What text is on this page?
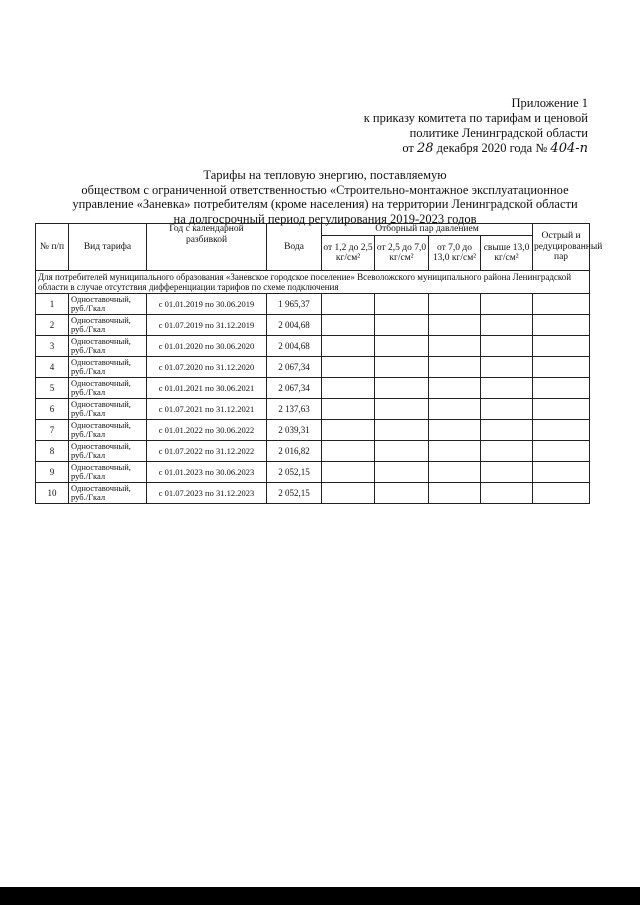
Приложение 1
к приказу комитета по тарифам и ценовой
политике Ленинградской области
от 28 декабря 2020 года № 404-п
Тарифы на тепловую энергию, поставляемую
обществом с ограниченной ответственностью «Строительно-монтажное эксплуатационное
управление «Заневка» потребителям (кроме населения) на территории Ленинградской области
на долгосрочный период регулирования 2019-2023 годов
№ п/п	Вид тарифа	Год с календарной разбивкой	Вода	Отборный пар давлением				Острый и редуцированный пар
				от 1,2 до 2,5 кг/см²	от 2,5 до 7,0 кг/см²	от 7,0 до 13,0 кг/см²	свыше 13,0 кг/см²	
Для потребителей муниципального образования «Заневское городское поселение» Всеволожского муниципального района Ленинградской области в случае отсутствия дифференциации тарифов по схеме подключения								
1	Одноставочный, руб./Гкал	с 01.01.2019 по 30.06.2019	1 965,37					
2	Одноставочный, руб./Гкал	с 01.07.2019 по 31.12.2019	2 004,68					
3	Одноставочный, руб./Гкал	с 01.01.2020 по 30.06.2020	2 004,68					
4	Одноставочный, руб./Гкал	с 01.07.2020 по 31.12.2020	2 067,34					
5	Одноставочный, руб./Гкал	с 01.01.2021 по 30.06.2021	2 067,34					
6	Одноставочный, руб./Гкал	с 01.07.2021 по 31.12.2021	2 137,63					
7	Одноставочный, руб./Гкал	с 01.01.2022 по 30.06.2022	2 039,31					
8	Одноставочный, руб./Гкал	с 01.07.2022 по 31.12.2022	2 016,82					
9	Одноставочный, руб./Гкал	с 01.01.2023 по 30.06.2023	2 052,15					
10	Одноставочный, руб./Гкал	с 01.07.2023 по 31.12.2023	2 052,15					
